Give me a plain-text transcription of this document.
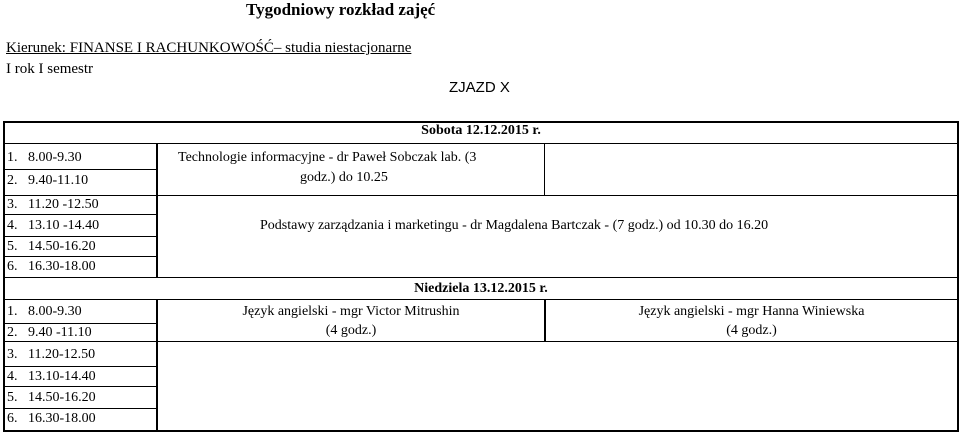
Tygodniowy rozkład zajęć
Kierunek: FINANSE I RACHUNKOWOŚĆ– studia niestacjonarne
I rok I semestr
ZJAZD X
Sobota 12.12.2015 r.
1. 8.00-9.30
2. 9.40-11.10
3. 11.20 -12.50
4. 13.10 -14.40
5. 14.50-16.20
6. 16.30-18.00
Technologie informacyjne - dr Paweł Sobczak lab. (3
godz.) do 10.25
Podstawy zarządzania i marketingu - dr Magdalena Bartczak - (7 godz.) od 10.30 do 16.20
Niedziela 13.12.2015 r.
1. 8.00-9.30
2. 9.40 -11.10
3. 11.20-12.50
4. 13.10-14.40
5. 14.50-16.20
6. 16.30-18.00
Język angielski - mgr Victor Mitrushin
(4 godz.)
Język angielski - mgr Hanna Winiewska
(4 godz.)
